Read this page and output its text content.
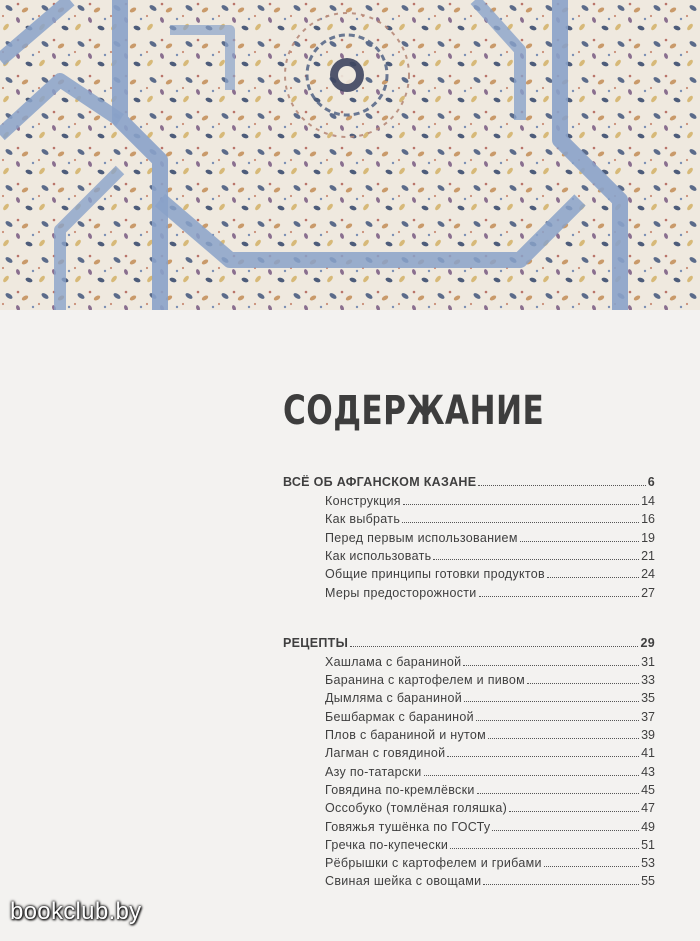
СОДЕРЖАНИЕ
ВСЁ ОБ АФГАНСКОМ КАЗАНЕ	6
Конструкция	14
Как выбрать	16
Перед первым использованием	19
Как использовать	21
Общие принципы готовки продуктов	24
Меры предосторожности	27
РЕЦЕПТЫ	29
Хашлама с бараниной	31
Баранина с картофелем и пивом	33
Дымлямa с бараниной	35
Бешбармак с бараниной	37
Плов с бараниной и нутом	39
Лагман с говядиной	41
Азу по-татарски	43
Говядина по-кремлёвски	45
Оссобуко (томлёная голяшка)	47
Говяжья тушёнка по ГОСТу	49
Гречка по-купечески	51
Рёбрышки с картофелем и грибами	53
Свиная шейка с овощами	55
bookclub.by
